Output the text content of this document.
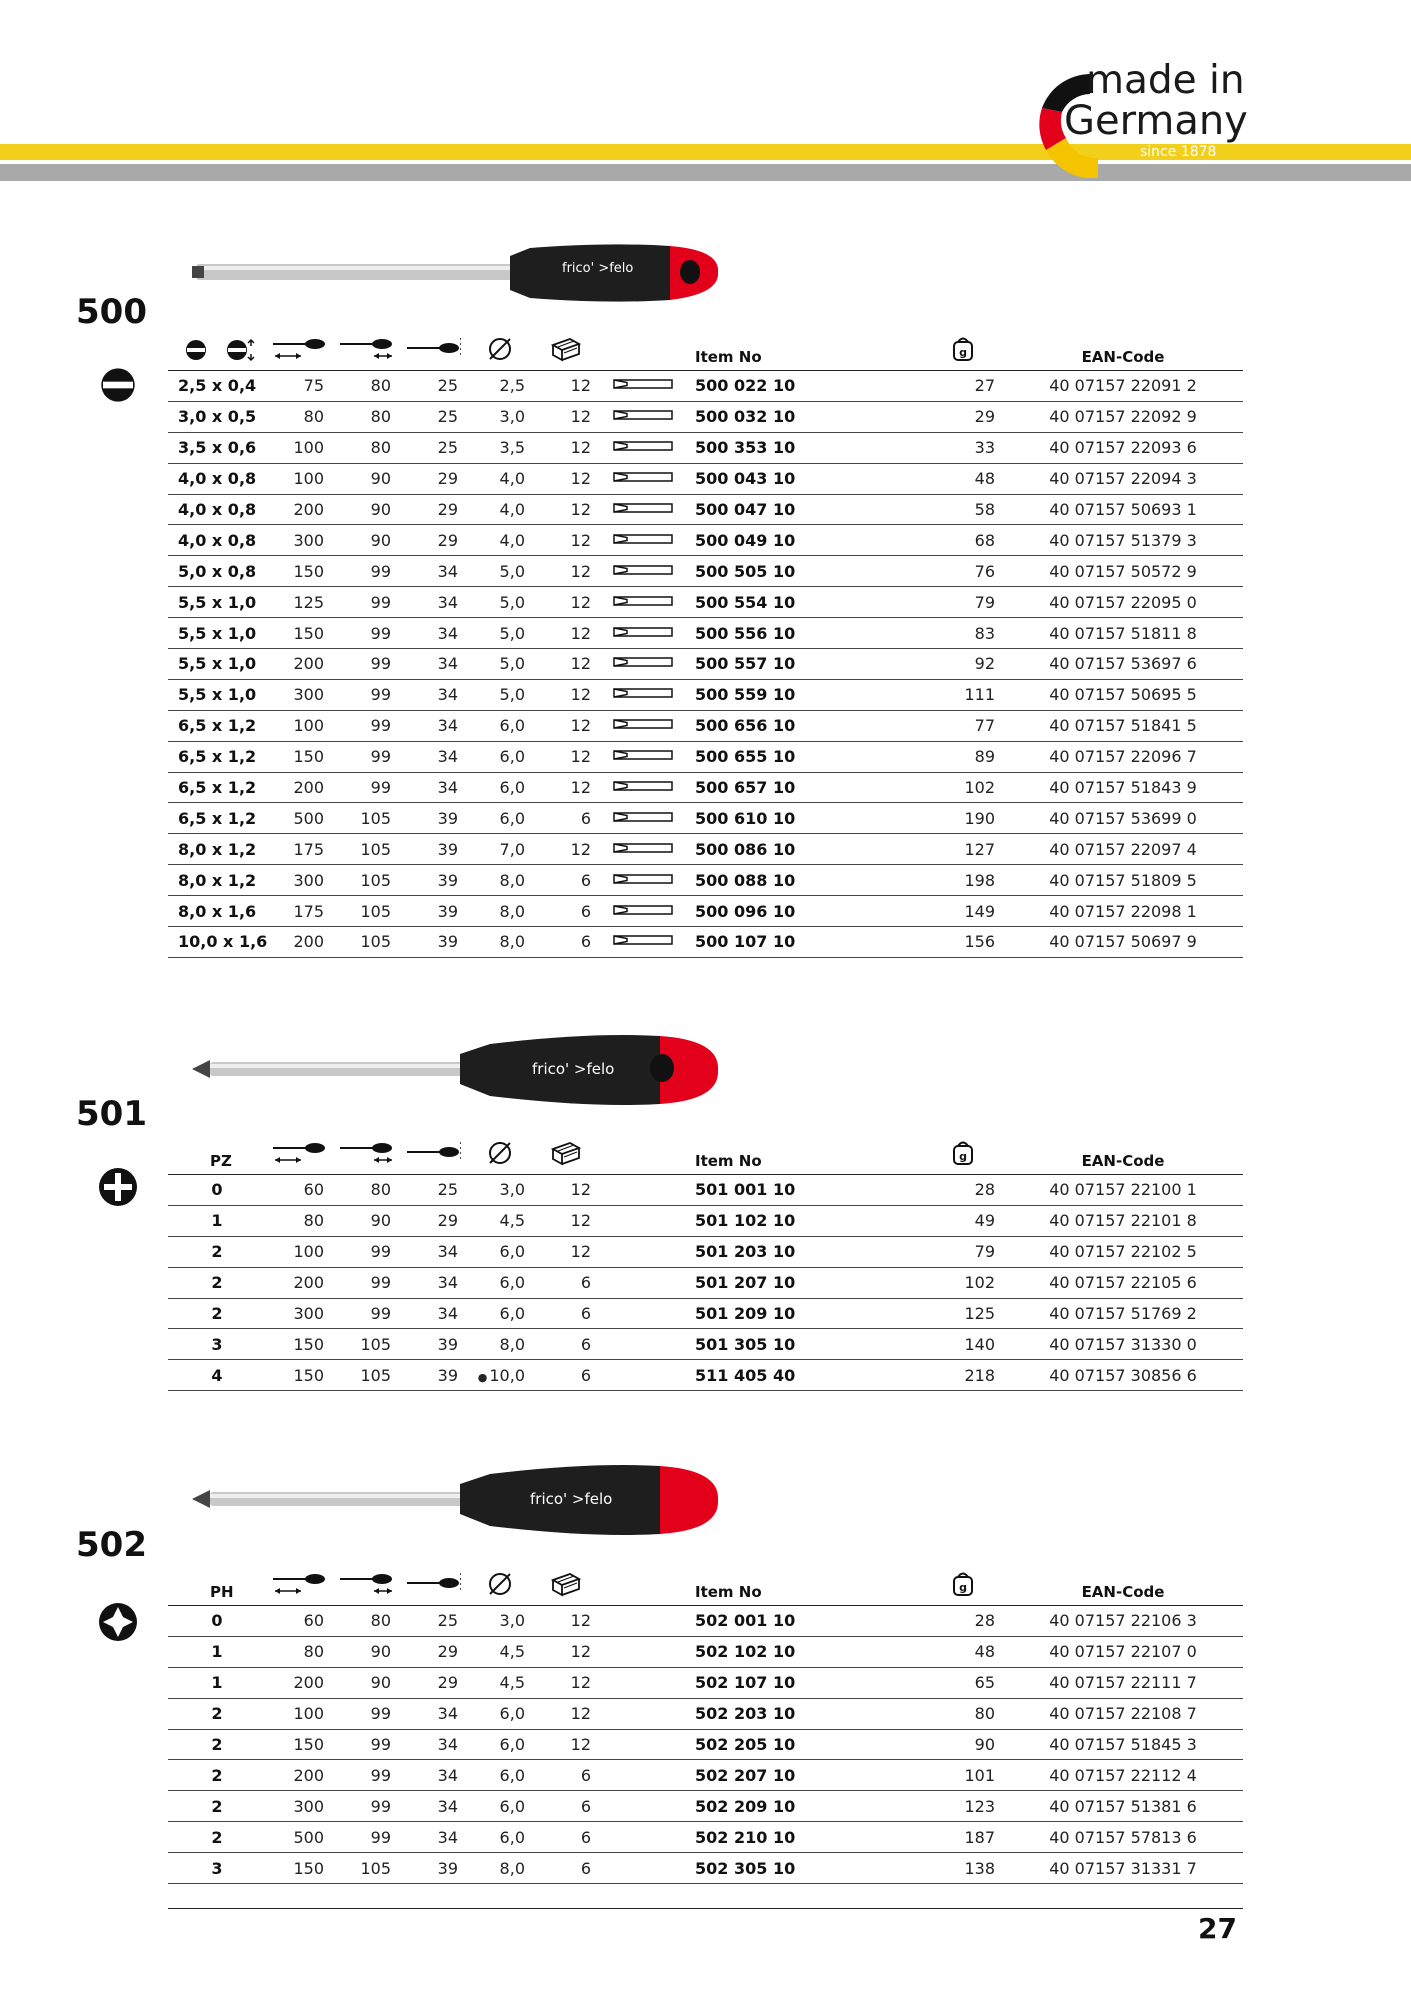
made in
Germany
since 1878
frico' >felo
500
							Item No		EAN-Code
2,5 x 0,4	75	80	25	2,5	12		500 022 10	27	40 07157 22091 2
3,0 x 0,5	80	80	25	3,0	12		500 032 10	29	40 07157 22092 9
3,5 x 0,6	100	80	25	3,5	12		500 353 10	33	40 07157 22093 6
4,0 x 0,8	100	90	29	4,0	12		500 043 10	48	40 07157 22094 3
4,0 x 0,8	200	90	29	4,0	12		500 047 10	58	40 07157 50693 1
4,0 x 0,8	300	90	29	4,0	12		500 049 10	68	40 07157 51379 3
5,0 x 0,8	150	99	34	5,0	12		500 505 10	76	40 07157 50572 9
5,5 x 1,0	125	99	34	5,0	12		500 554 10	79	40 07157 22095 0
5,5 x 1,0	150	99	34	5,0	12		500 556 10	83	40 07157 51811 8
5,5 x 1,0	200	99	34	5,0	12		500 557 10	92	40 07157 53697 6
5,5 x 1,0	300	99	34	5,0	12		500 559 10	111	40 07157 50695 5
6,5 x 1,2	100	99	34	6,0	12		500 656 10	77	40 07157 51841 5
6,5 x 1,2	150	99	34	6,0	12		500 655 10	89	40 07157 22096 7
6,5 x 1,2	200	99	34	6,0	12		500 657 10	102	40 07157 51843 9
6,5 x 1,2	500	105	39	6,0	6		500 610 10	190	40 07157 53699 0
8,0 x 1,2	175	105	39	7,0	12		500 086 10	127	40 07157 22097 4
8,0 x 1,2	300	105	39	8,0	6		500 088 10	198	40 07157 51809 5
8,0 x 1,6	175	105	39	8,0	6		500 096 10	149	40 07157 22098 1
10,0 x 1,6	200	105	39	8,0	6		500 107 10	156	40 07157 50697 9
frico' >felo
501
PZ							Item No		EAN-Code
0	60	80	25	3,0	12		501 001 10	28	40 07157 22100 1
1	80	90	29	4,5	12		501 102 10	49	40 07157 22101 8
2	100	99	34	6,0	12		501 203 10	79	40 07157 22102 5
2	200	99	34	6,0	6		501 207 10	102	40 07157 22105 6
2	300	99	34	6,0	6		501 209 10	125	40 07157 51769 2
3	150	105	39	8,0	6		501 305 10	140	40 07157 31330 0
4	150	105	39	● 10,0	6		511 405 40	218	40 07157 30856 6
frico' >felo
502
PH							Item No		EAN-Code
0	60	80	25	3,0	12		502 001 10	28	40 07157 22106 3
1	80	90	29	4,5	12		502 102 10	48	40 07157 22107 0
1	200	90	29	4,5	12		502 107 10	65	40 07157 22111 7
2	100	99	34	6,0	12		502 203 10	80	40 07157 22108 7
2	150	99	34	6,0	12		502 205 10	90	40 07157 51845 3
2	200	99	34	6,0	6		502 207 10	101	40 07157 22112 4
2	300	99	34	6,0	6		502 209 10	123	40 07157 51381 6
2	500	99	34	6,0	6		502 210 10	187	40 07157 57813 6
3	150	105	39	8,0	6		502 305 10	138	40 07157 31331 7
27
